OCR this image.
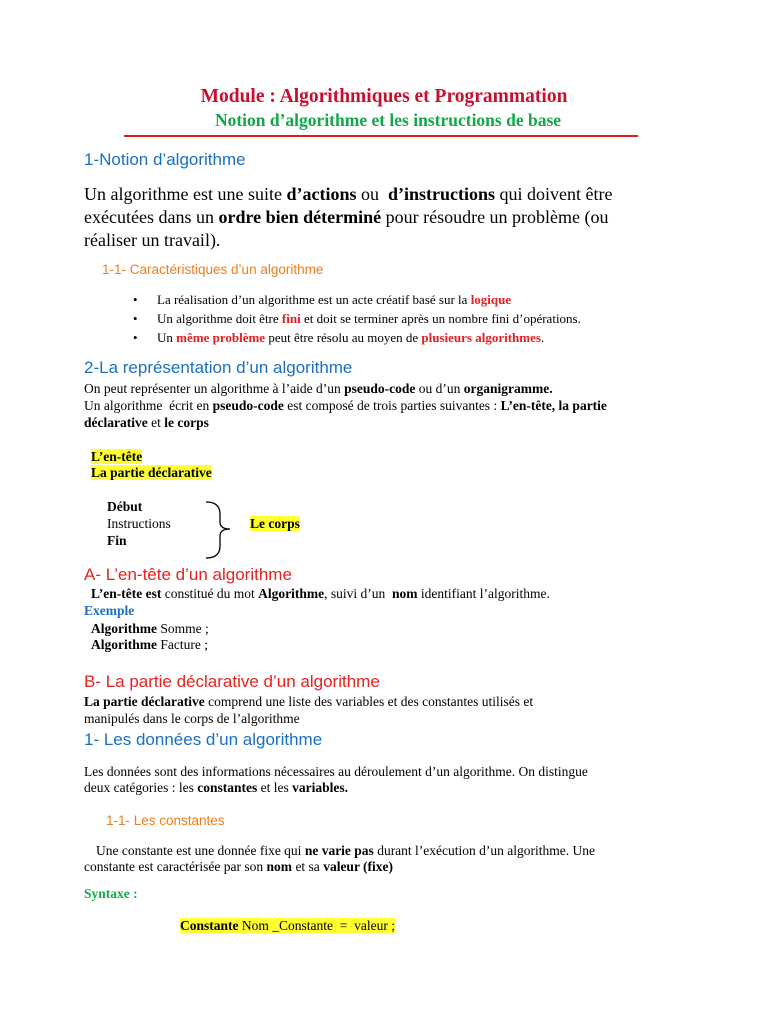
Module : Algorithmiques et Programmation
Notion d’algorithme et les instructions de base
1-Notion d’algorithme
Un algorithme est une suite d’actions ou  d’instructions qui doivent être
exécutées dans un ordre bien déterminé pour résoudre un problème (ou
réaliser un travail).
1-1- Caractéristiques d’un algorithme
• La réalisation d’un algorithme est un acte créatif basé sur la logique
• Un algorithme doit être fini et doit se terminer après un nombre fini d’opérations.
• Un même problème peut être résolu au moyen de plusieurs algorithmes.
2-La représentation d’un algorithme
On peut représenter un algorithme à l’aide d’un pseudo-code ou d’un organigramme.
Un algorithme  écrit en pseudo-code est composé de trois parties suivantes : L’en-tête, la partie
déclarative et le corps
L’en-tête
La partie déclarative
Début
Instructions
Fin
Le corps
A- L’en-tête d’un algorithme
L’en-tête est constitué du mot Algorithme, suivi d’un  nom identifiant l’algorithme.
Exemple
Algorithme Somme ;
Algorithme Facture ;
B- La partie déclarative d’un algorithme
La partie déclarative comprend une liste des variables et des constantes utilisés et
manipulés dans le corps de l’algorithme
1- Les données d’un algorithme
Les données sont des informations nécessaires au déroulement d’un algorithme. On distingue
deux catégories : les constantes et les variables.
1-1- Les constantes
Une constante est une donnée fixe qui ne varie pas durant l’exécution d’un algorithme. Une
constante est caractérisée par son nom et sa valeur (fixe)
Syntaxe :
Constante Nom _Constante  =  valeur ;
